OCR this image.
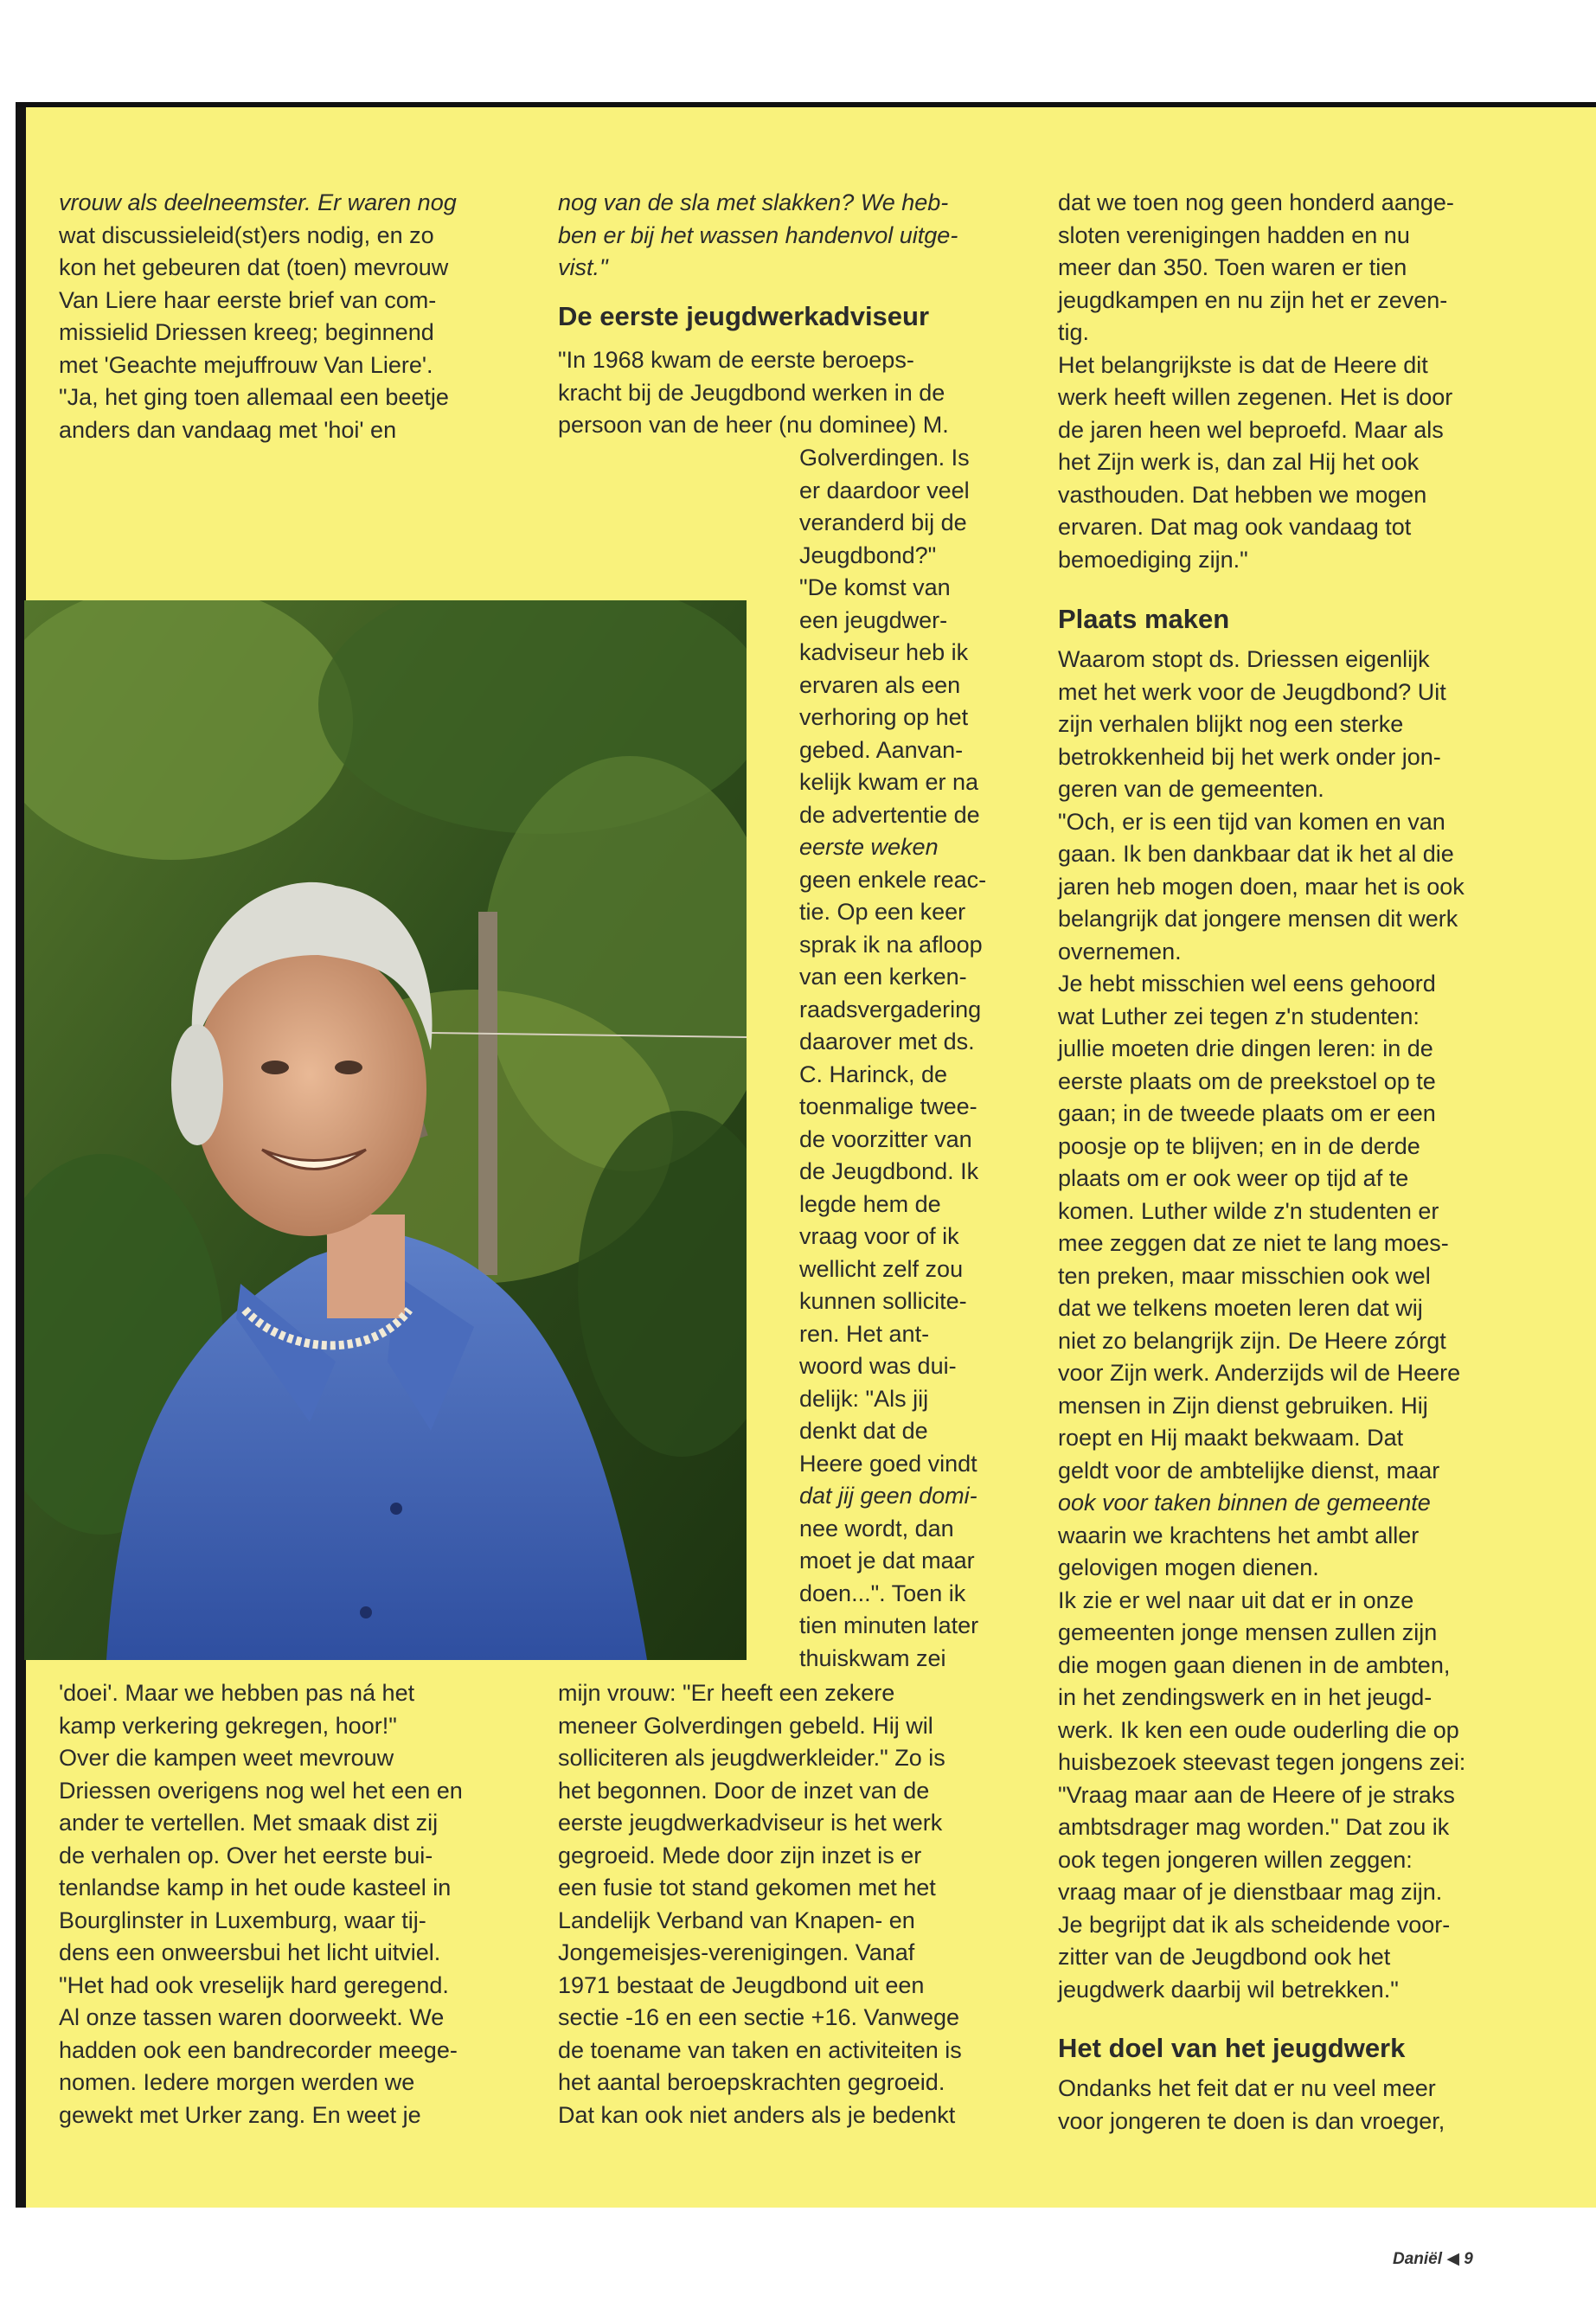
vrouw als deelneemster. Er waren nog
wat discussieleid(st)ers nodig, en zo
kon het gebeuren dat (toen) mevrouw
Van Liere haar eerste brief van com-
missielid Driessen kreeg; beginnend
met 'Geachte mejuffrouw Van Liere'.
"Ja, het ging toen allemaal een beetje
anders dan vandaag met 'hoi' en
'doei'. Maar we hebben pas ná het
kamp verkering gekregen, hoor!"
Over die kampen weet mevrouw
Driessen overigens nog wel het een en
ander te vertellen. Met smaak dist zij
de verhalen op. Over het eerste bui-
tenlandse kamp in het oude kasteel in
Bourglinster in Luxemburg, waar tij-
dens een onweersbui het licht uitviel.
"Het had ook vreselijk hard geregend.
Al onze tassen waren doorweekt. We
hadden ook een bandrecorder meege-
nomen. Iedere morgen werden we
gewekt met Urker zang. En weet je
nog van de sla met slakken? We heb-
ben er bij het wassen handenvol uitge-
vist."
De eerste jeugdwerkadviseur
"In 1968 kwam de eerste beroeps-
kracht bij de Jeugdbond werken in de
persoon van de heer (nu dominee) M.
Golverdingen. Is
er daardoor veel
veranderd bij de
Jeugdbond?"
"De komst van
een jeugdwer-
kadviseur heb ik
ervaren als een
verhoring op het
gebed. Aanvan-
kelijk kwam er na
de advertentie de
eerste weken
geen enkele reac-
tie. Op een keer
sprak ik na afloop
van een kerken-
raadsvergadering
daarover met ds.
C. Harinck, de
toenmalige twee-
de voorzitter van
de Jeugdbond. Ik
legde hem de
vraag voor of ik
wellicht zelf zou
kunnen sollicite-
ren. Het ant-
woord was dui-
delijk: "Als jij
denkt dat de
Heere goed vindt
dat jij geen domi-
nee wordt, dan
moet je dat maar
doen...". Toen ik
tien minuten later
thuiskwam zei
mijn vrouw: "Er heeft een zekere
meneer Golverdingen gebeld. Hij wil
solliciteren als jeugdwerkleider." Zo is
het begonnen. Door de inzet van de
eerste jeugdwerkadviseur is het werk
gegroeid. Mede door zijn inzet is er
een fusie tot stand gekomen met het
Landelijk Verband van Knapen- en
Jongemeisjes-verenigingen. Vanaf
1971 bestaat de Jeugdbond uit een
sectie -16 en een sectie +16. Vanwege
de toename van taken en activiteiten is
het aantal beroepskrachten gegroeid.
Dat kan ook niet anders als je bedenkt
dat we toen nog geen honderd aange-
sloten verenigingen hadden en nu
meer dan 350. Toen waren er tien
jeugdkampen en nu zijn het er zeven-
tig.
Het belangrijkste is dat de Heere dit
werk heeft willen zegenen. Het is door
de jaren heen wel beproefd. Maar als
het Zijn werk is, dan zal Hij het ook
vasthouden. Dat hebben we mogen
ervaren. Dat mag ook vandaag tot
bemoediging zijn."
Plaats maken
Waarom stopt ds. Driessen eigenlijk
met het werk voor de Jeugdbond? Uit
zijn verhalen blijkt nog een sterke
betrokkenheid bij het werk onder jon-
geren van de gemeenten.
"Och, er is een tijd van komen en van
gaan. Ik ben dankbaar dat ik het al die
jaren heb mogen doen, maar het is ook
belangrijk dat jongere mensen dit werk
overnemen.
Je hebt misschien wel eens gehoord
wat Luther zei tegen z'n studenten:
jullie moeten drie dingen leren: in de
eerste plaats om de preekstoel op te
gaan; in de tweede plaats om er een
poosje op te blijven; en in de derde
plaats om er ook weer op tijd af te
komen. Luther wilde z'n studenten er
mee zeggen dat ze niet te lang moes-
ten preken, maar misschien ook wel
dat we telkens moeten leren dat wij
niet zo belangrijk zijn. De Heere zórgt
voor Zijn werk. Anderzijds wil de Heere
mensen in Zijn dienst gebruiken. Hij
roept en Hij maakt bekwaam. Dat
geldt voor de ambtelijke dienst, maar
ook voor taken binnen de gemeente
waarin we krachtens het ambt aller
gelovigen mogen dienen.
Ik zie er wel naar uit dat er in onze
gemeenten jonge mensen zullen zijn
die mogen gaan dienen in de ambten,
in het zendingswerk en in het jeugd-
werk. Ik ken een oude ouderling die op
huisbezoek steevast tegen jongens zei:
"Vraag maar aan de Heere of je straks
ambtsdrager mag worden." Dat zou ik
ook tegen jongeren willen zeggen:
vraag maar of je dienstbaar mag zijn.
Je begrijpt dat ik als scheidende voor-
zitter van de Jeugdbond ook het
jeugdwerk daarbij wil betrekken."
Het doel van het jeugdwerk
Ondanks het feit dat er nu veel meer
voor jongeren te doen is dan vroeger,
Daniël ◀ 9
